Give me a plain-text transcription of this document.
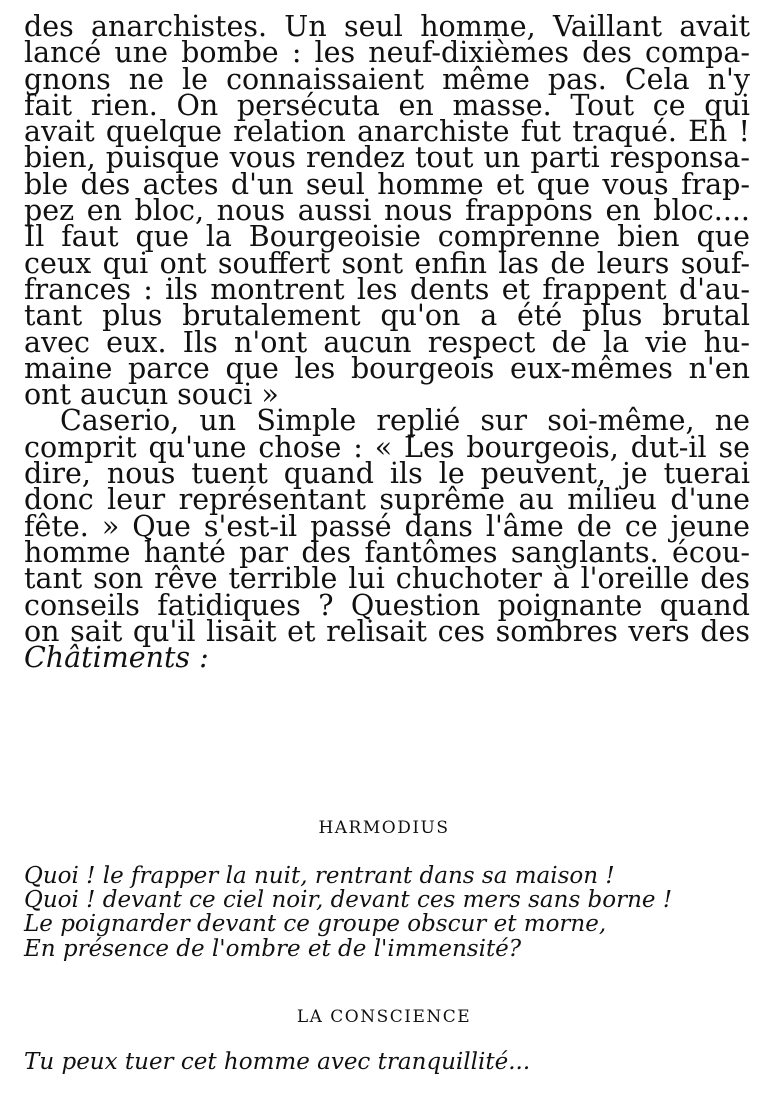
des anarchistes. Un seul homme, Vaillant avait
lancé une bombe : les neuf-dixièmes des compa-
gnons ne le connaissaient même pas. Cela n'y
fait rien. On persécuta en masse. Tout ce qui
avait quelque relation anarchiste fut traqué. Eh !
bien, puisque vous rendez tout un parti responsa-
ble des actes d'un seul homme et que vous frap-
pez en bloc, nous aussi nous frappons en bloc....
Il faut que la Bourgeoisie comprenne bien que
ceux qui ont souffert sont enfin las de leurs souf-
frances : ils montrent les dents et frappent d'au-
tant plus brutalement qu'on a été plus brutal
avec eux. Ils n'ont aucun respect de la vie hu-
maine parce que les bourgeois eux-mêmes n'en
ont aucun souci »
Caserio, un Simple replié sur soi-même, ne
comprit qu'une chose : « Les bourgeois, dut-il se
dire, nous tuent quand ils le peuvent, je tuerai
donc leur représentant suprême au milieu d'une
fête. » Que s'est-il passé dans l'âme de ce jeune
homme hanté par des fantômes sanglants. écou-
tant son rêve terrible lui chuchoter à l'oreille des
conseils fatidiques ? Question poignante quand
on sait qu'il lisait et relisait ces sombres vers des
Châtiments :
HARMODIUS
Quoi ! le frapper la nuit, rentrant dans sa maison !
Quoi ! devant ce ciel noir, devant ces mers sans borne !
Le poignarder devant ce groupe obscur et morne,
En présence de l'ombre et de l'immensité?
LA CONSCIENCE
Tu peux tuer cet homme avec tranquillité...
